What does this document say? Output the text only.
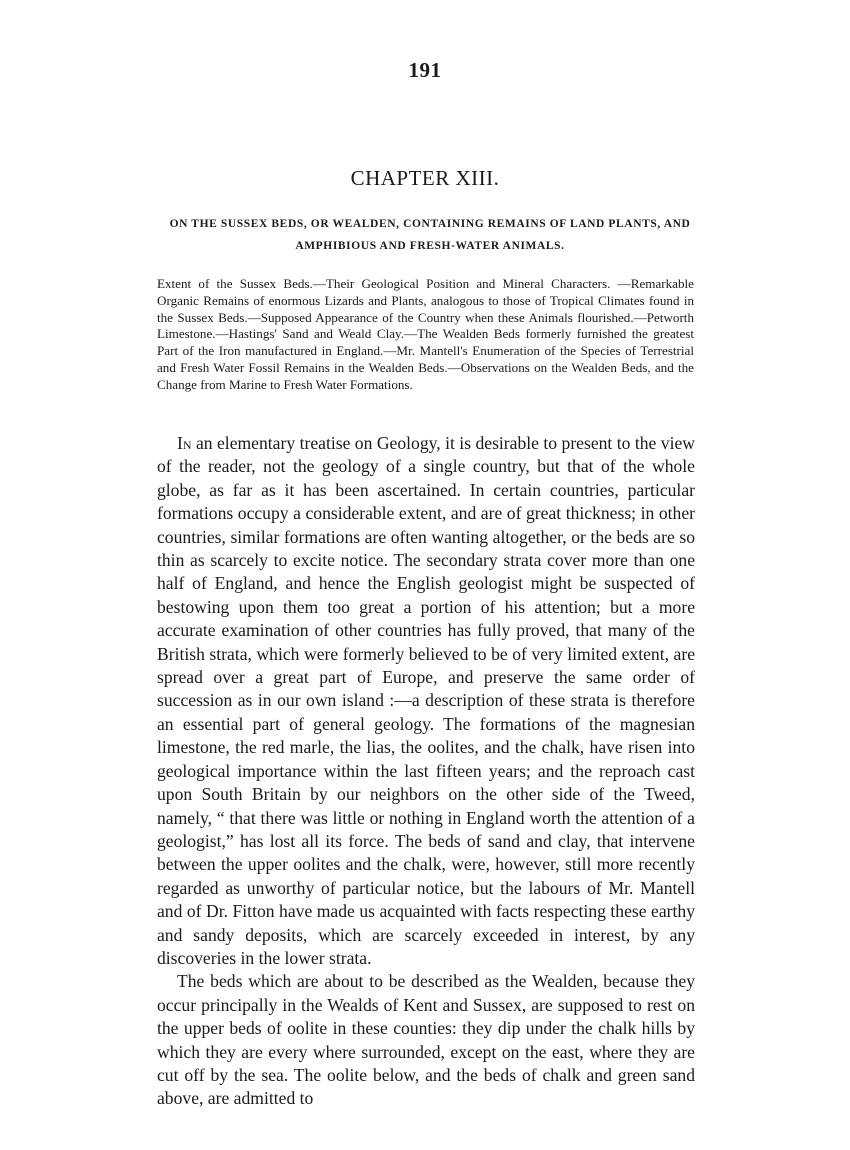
191
CHAPTER XIII.
ON THE SUSSEX BEDS, OR WEALDEN, CONTAINING REMAINS OF LAND PLANTS, AND AMPHIBIOUS AND FRESH-WATER ANIMALS.

Extent of the Sussex Beds.—Their Geological Position and Mineral Characters. —Remarkable Organic Remains of enormous Lizards and Plants, analogous to those of Tropical Climates found in the Sussex Beds.—Supposed Appearance of the Country when these Animals flourished.—Petworth Limestone.—Hastings' Sand and Weald Clay.—The Wealden Beds formerly furnished the greatest Part of the Iron manufactured in England.—Mr. Mantell's Enumeration of the Species of Terrestrial and Fresh Water Fossil Remains in the Wealden Beds.—Observations on the Wealden Beds, and the Change from Marine to Fresh Water Formations.

In an elementary treatise on Geology, it is desirable to present to the view of the reader, not the geology of a single country, but that of the whole globe, as far as it has been ascertained. In certain countries, particular formations occupy a considerable extent, and are of great thickness; in other countries, similar formations are often wanting altogether, or the beds are so thin as scarcely to excite notice. The secondary strata cover more than one half of England, and hence the English geologist might be suspected of bestowing upon them too great a portion of his attention; but a more accurate examination of other countries has fully proved, that many of the British strata, which were formerly believed to be of very limited extent, are spread over a great part of Europe, and preserve the same order of succession as in our own island :—a description of these strata is therefore an essential part of general geology. The formations of the magnesian limestone, the red marle, the lias, the oolites, and the chalk, have risen into geological importance within the last fifteen years; and the reproach cast upon South Britain by our neighbors on the other side of the Tweed, namely, “ that there was little or nothing in England worth the attention of a geologist,” has lost all its force. The beds of sand and clay, that intervene between the upper oolites and the chalk, were, however, still more recently regarded as unworthy of particular notice, but the labours of Mr. Mantell and of Dr. Fitton have made us acquainted with facts respecting these earthy and sandy deposits, which are scarcely exceeded in interest, by any discoveries in the lower strata.

The beds which are about to be described as the Wealden, because they occur principally in the Wealds of Kent and Sussex, are supposed to rest on the upper beds of oolite in these counties: they dip under the chalk hills by which they are every where surrounded, except on the east, where they are cut off by the sea. The oolite below, and the beds of chalk and green sand above, are admitted to
